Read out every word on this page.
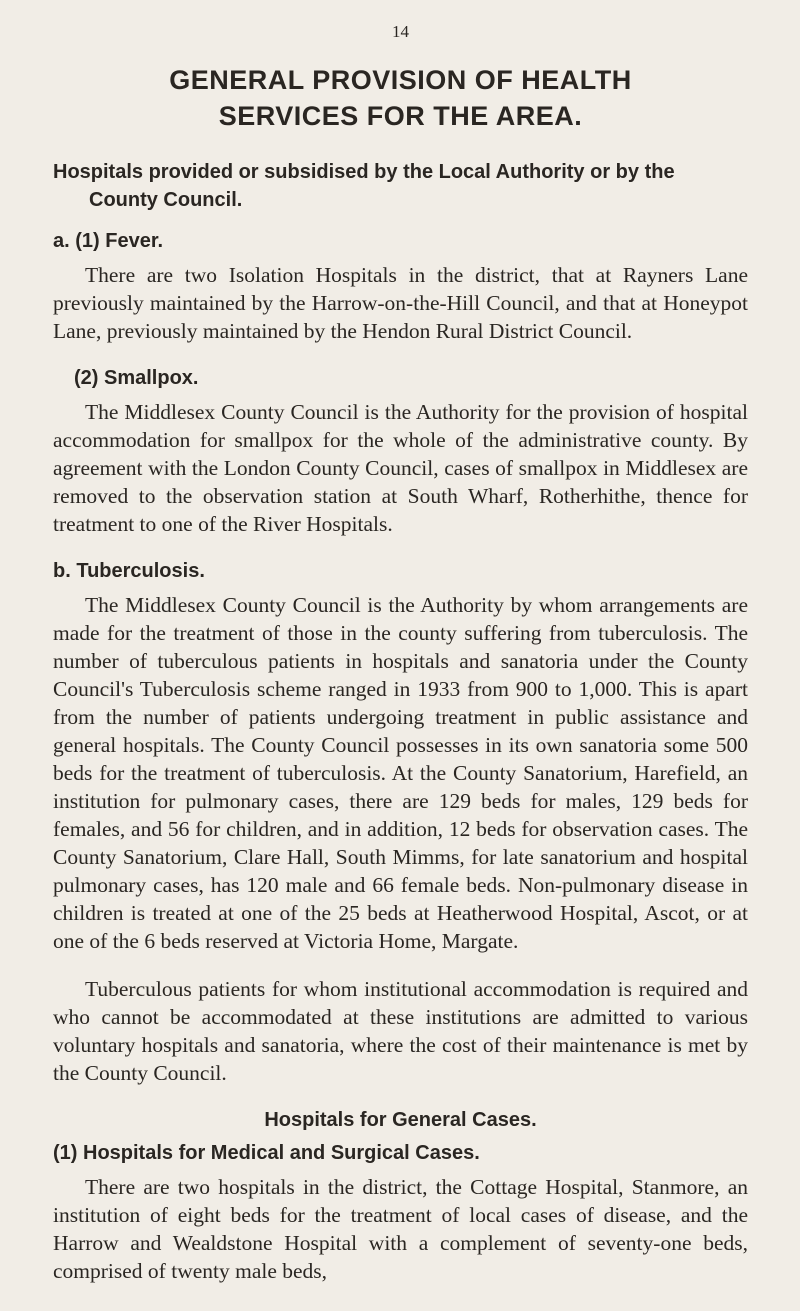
14
GENERAL PROVISION OF HEALTH
SERVICES FOR THE AREA.
Hospitals provided or subsidised by the Local Authority or by the County Council.
a. (1) Fever.

There are two Isolation Hospitals in the district, that at Rayners Lane previously maintained by the Harrow-on-the-Hill Council, and that at Honeypot Lane, previously maintained by the Hendon Rural District Council.

(2) Smallpox.

The Middlesex County Council is the Authority for the provision of hospital accommodation for smallpox for the whole of the administrative county. By agreement with the London County Council, cases of smallpox in Middlesex are removed to the observation station at South Wharf, Rotherhithe, thence for treatment to one of the River Hospitals.

b. Tuberculosis.

The Middlesex County Council is the Authority by whom arrangements are made for the treatment of those in the county suffering from tuberculosis. The number of tuberculous patients in hospitals and sanatoria under the County Council's Tuberculosis scheme ranged in 1933 from 900 to 1,000. This is apart from the number of patients undergoing treatment in public assistance and general hospitals. The County Council possesses in its own sanatoria some 500 beds for the treatment of tuberculosis. At the County Sanatorium, Harefield, an institution for pulmonary cases, there are 129 beds for males, 129 beds for females, and 56 for children, and in addition, 12 beds for observation cases. The County Sanatorium, Clare Hall, South Mimms, for late sanatorium and hospital pulmonary cases, has 120 male and 66 female beds. Non-pulmonary disease in children is treated at one of the 25 beds at Heatherwood Hospital, Ascot, or at one of the 6 beds reserved at Victoria Home, Margate.

Tuberculous patients for whom institutional accommodation is required and who cannot be accommodated at these institutions are admitted to various voluntary hospitals and sanatoria, where the cost of their maintenance is met by the County Council.

Hospitals for General Cases.
(1) Hospitals for Medical and Surgical Cases.

There are two hospitals in the district, the Cottage Hospital, Stanmore, an institution of eight beds for the treatment of local cases of disease, and the Harrow and Wealdstone Hospital with a complement of seventy-one beds, comprised of twenty male beds,
